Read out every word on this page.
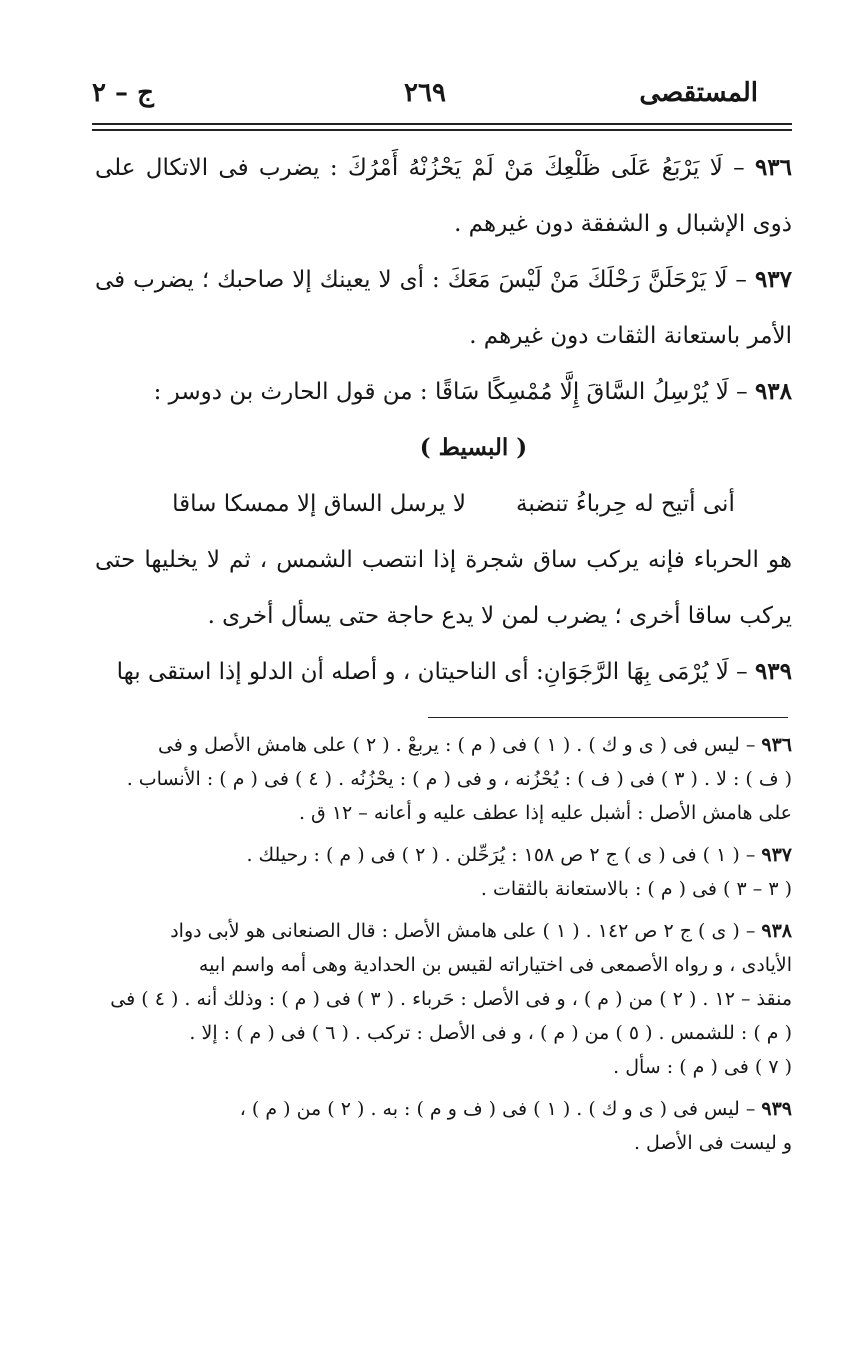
المستقصى
٢٦٩
ج – ٢

٩٣٦ – لَا يَرْبَعُ عَلَى ظَلْعِكَ مَنْ لَمْ يَحْزُنْهُ أَمْرُكَ : يضرب فى الاتكال على ذوى الإشبال و الشفقة دون غيرهم .

٩٣٧ – لَا يَرْحَلَنَّ رَحْلَكَ مَنْ لَيْسَ مَعَكَ : أى لا يعينك إلا صاحبك ؛ يضرب فى الأمر باستعانة الثقات دون غيرهم .

٩٣٨ – لَا يُرْسِلُ السَّاقَ إِلَّا مُمْسِكًا سَاقًا : من قول الحارث بن دوسر :

( البسيط )

أنى أتيح له حِرباءُ تنضبة
لا يرسل الساق إلا ممسكا ساقا

هو الحرباء فإنه يركب ساق شجرة إذا انتصب الشمس ، ثم لا يخليها حتى يركب ساقا أخرى ؛ يضرب لمن لا يدع حاجة حتى يسأل أخرى .

٩٣٩ – لَا يُرْمَى بِهَا الرَّجَوَانِ: أى الناحيتان ، و أصله أن الدلو إذا استقى بها

٩٣٦ – ليس فى ( ى و ك ) . ( ١ ) فى ( م ) : يربعْ . ( ٢ ) على هامش الأصل و فى
( ف ) : لا . ( ٣ ) فى ( ف ) : يُحْزُنه ، و فى ( م ) : يحْزُنُه . ( ٤ ) فى ( م ) : الأنساب .
على هامش الأصل : أشبل عليه إذا عطف عليه و أعانه – ١٢ ق .

٩٣٧ – ( ١ ) فى ( ى ) ج ٢ ص ١٥٨ : يُرَحِّلن . ( ٢ ) فى ( م ) : رحيلك .
( ٣ – ٣ ) فى ( م ) : بالاستعانة بالثقات .

٩٣٨ – ( ى ) ج ٢ ص ١٤٢ . ( ١ ) على هامش الأصل : قال الصنعانى هو لأبى دواد
الأيادى ، و رواه الأصمعى فى اختياراته لقيس بن الحدادية وهى أمه واسم ابيه
منقذ – ١٢ . ( ٢ ) من ( م ) ، و فى الأصل : حَرباء . ( ٣ ) فى ( م ) : وذلك أنه . ( ٤ ) فى
( م ) : للشمس . ( ٥ ) من ( م ) ، و فى الأصل : تركب . ( ٦ ) فى ( م ) : إلا .
( ٧ ) فى ( م ) : سأل .

٩٣٩ – ليس فى ( ى و ك ) . ( ١ ) فى ( ف و م ) : به . ( ٢ ) من ( م ) ،
و ليست فى الأصل .
